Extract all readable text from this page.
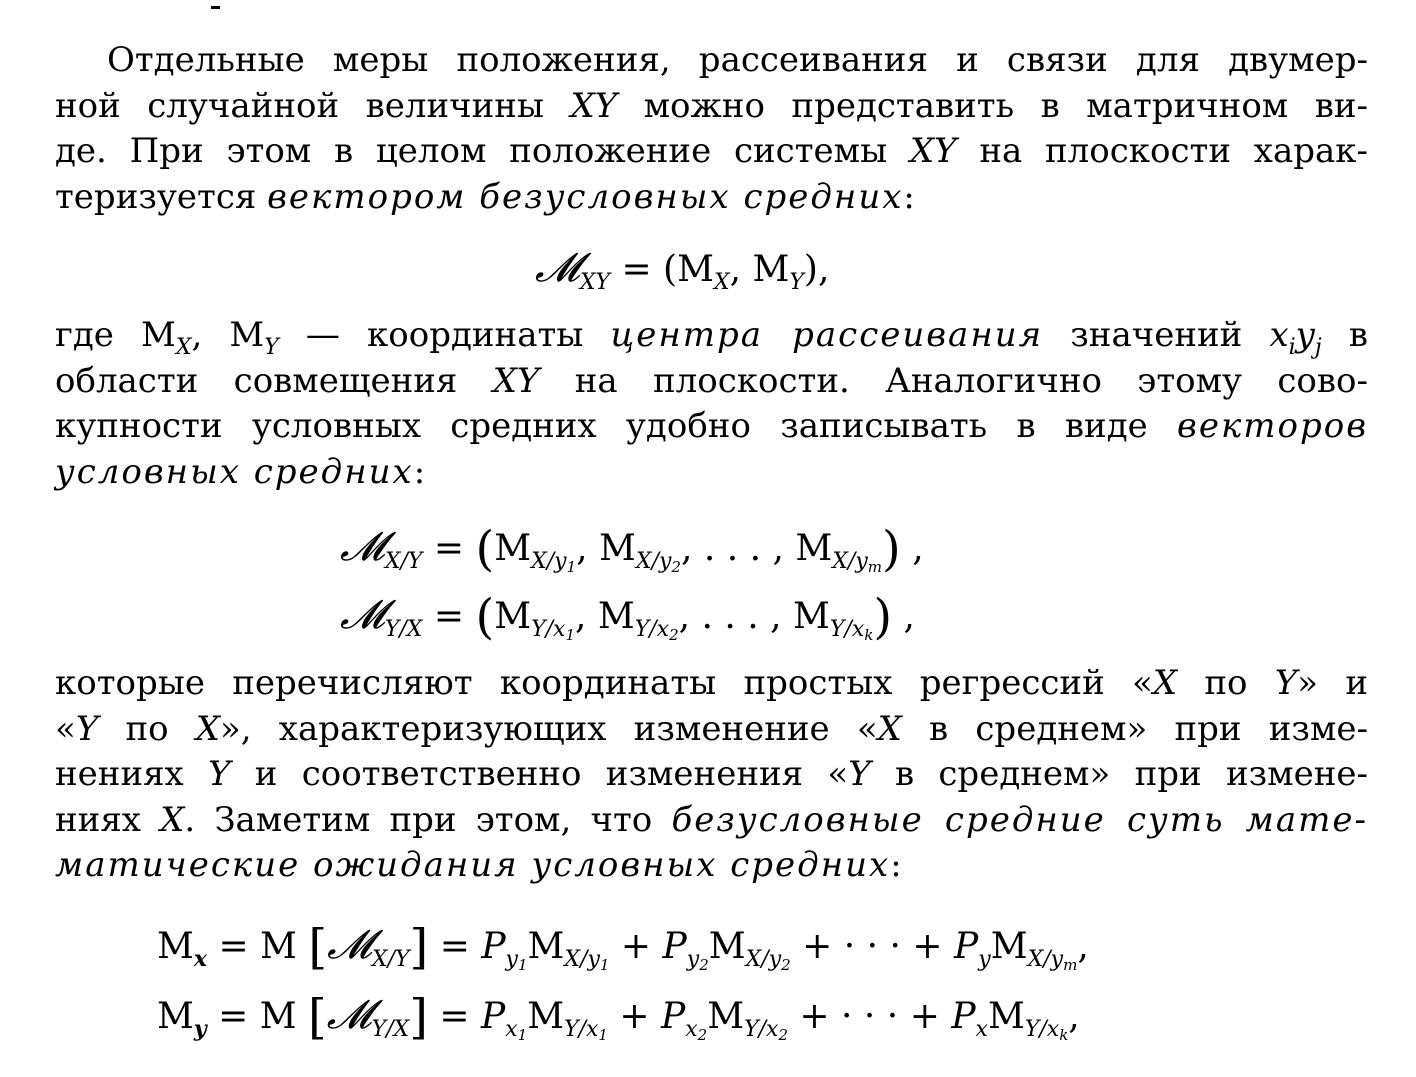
Отдельные меры положения, рассеивания и связи для двумер-
ной случайной величины XY можно представить в матричном ви-
де. При этом в целом положение системы XY на плоскости харак-
теризуется вектором безусловных средних:
𝓜$_{XY}$ = ($M_X$, $M_Y$),
где $M_X$, $M_Y$ — координаты центра рассеивания значений $x_iy_j$ в
области совмещения XY на плоскости. Аналогично этому сово-
купности условных средних удобно записывать в виде векторов
условных средних:
𝓜$_{X/Y}$ = ($M_{X/y1}$, $M_{X/y2}$, . . . , $M_{X/ym}$) ,
𝓜$_{Y/X}$ = ($M_{Y/x1}$, $M_{Y/x2}$, . . . , $M_{Y/xk}$) ,
которые перечисляют координаты простых регрессий «X по Y» и
«Y по X», характеризующих изменение «X в среднем» при изме-
нениях Y и соответственно изменения «Y в среднем» при измене-
ниях X. Заметим при этом, что безусловные средние суть мате-
матические ожидания условных средних:
$M_x = M$ [𝓜$_{X/Y}$] = $P_{y1}M_{X/y1} + P_{y2}M_{X/y2}$ + · · · + $P_yM_{X/ym}$,
$M_y = M$ [𝓜$_{Y/X}$] = $P_{x1}M_{Y/x1} + P_{x2}M_{Y/x2}$ + · · · + $P_xM_{Y/xk}$,
